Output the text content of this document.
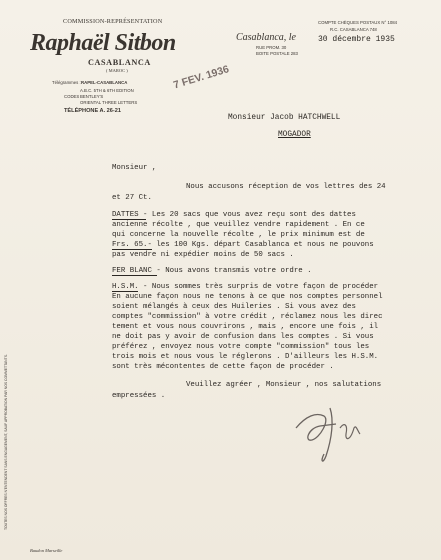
COMMISSION-REPRÉSENTATION
Raphaël Sitbon
CASABLANCA
( MAROC )
Télégrammes : RAPEL-CASABLANCA
CODES
A.B.C. 5TH & 6TH EDITION
BENTLEY'S
ORIENTAL THREE LETTERS
TÉLÉPHONE A. 26-21
COMPTE CHÈQUES POSTAUX N° 1084
R.C. CASABLANCA 748
Casablanca, le	30 décembre 1935
RUE PROM. 30
BOITE POSTALE 283
7 FEV. 1936
Monsieur Jacob HATCHWELL
MOGADOR
Monsieur ,
Nous accusons réception de vos lettres des 24
et 27 Ct.
DATTES - Les 20 sacs que vous avez reçu sont des dattes
ancienne récolte , que veuillez vendre rapidement . En ce
qui concerne la nouvelle récolte , le prix minimum est de
Frs. 65.- les 100 Kgs. départ Casablanca et nous ne pouvons
pas vendre ni expédier moins de 50 sacs .
FER BLANC - Nous avons transmis votre ordre .
H.S.M. - Nous sommes très surpris de votre façon de procéder
En aucune façon nous ne tenons à ce que nos comptes personnel
soient mélangés à ceux des Huileries . Si vous avez des
comptes "commission" à votre crédit , réclamez nous les direc
tement et vous nous couvrirons , mais , encore une fois , il
ne doit pas y avoir de confusion dans les comptes . Si vous
préférez , envoyez nous votre compte "commission" tous les
trois mois et nous vous le réglerons . D'ailleurs les H.S.M.
sont très mécontentes de cette façon de procéder .
Veuillez agréer , Monsieur , nos salutations
empressées .
TOUTES NOS OFFRES N'ENTENDENT SANS ENGAGEMENT, SAUF APPROBATION PAR NOS COMMETTANTS.
Baudon Marseille
